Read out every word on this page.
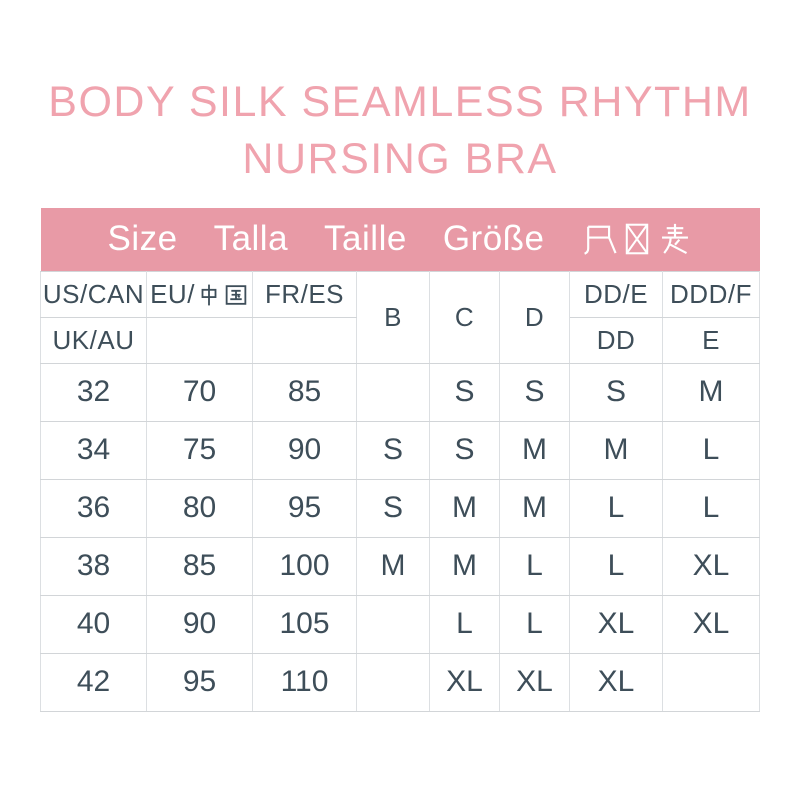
BODY SILK SEAMLESS RHYTHM
NURSING BRA
Size Talla Taille Größe
US/CAN	EU/	FR/ES	B	C	D	DD/E	DDD/F
UK/AU						DD	E
32	70	85		S	S	S	M
34	75	90	S	S	M	M	L
36	80	95	S	M	M	L	L
38	85	100	M	M	L	L	XL
40	90	105		L	L	XL	XL
42	95	110		XL	XL	XL	
